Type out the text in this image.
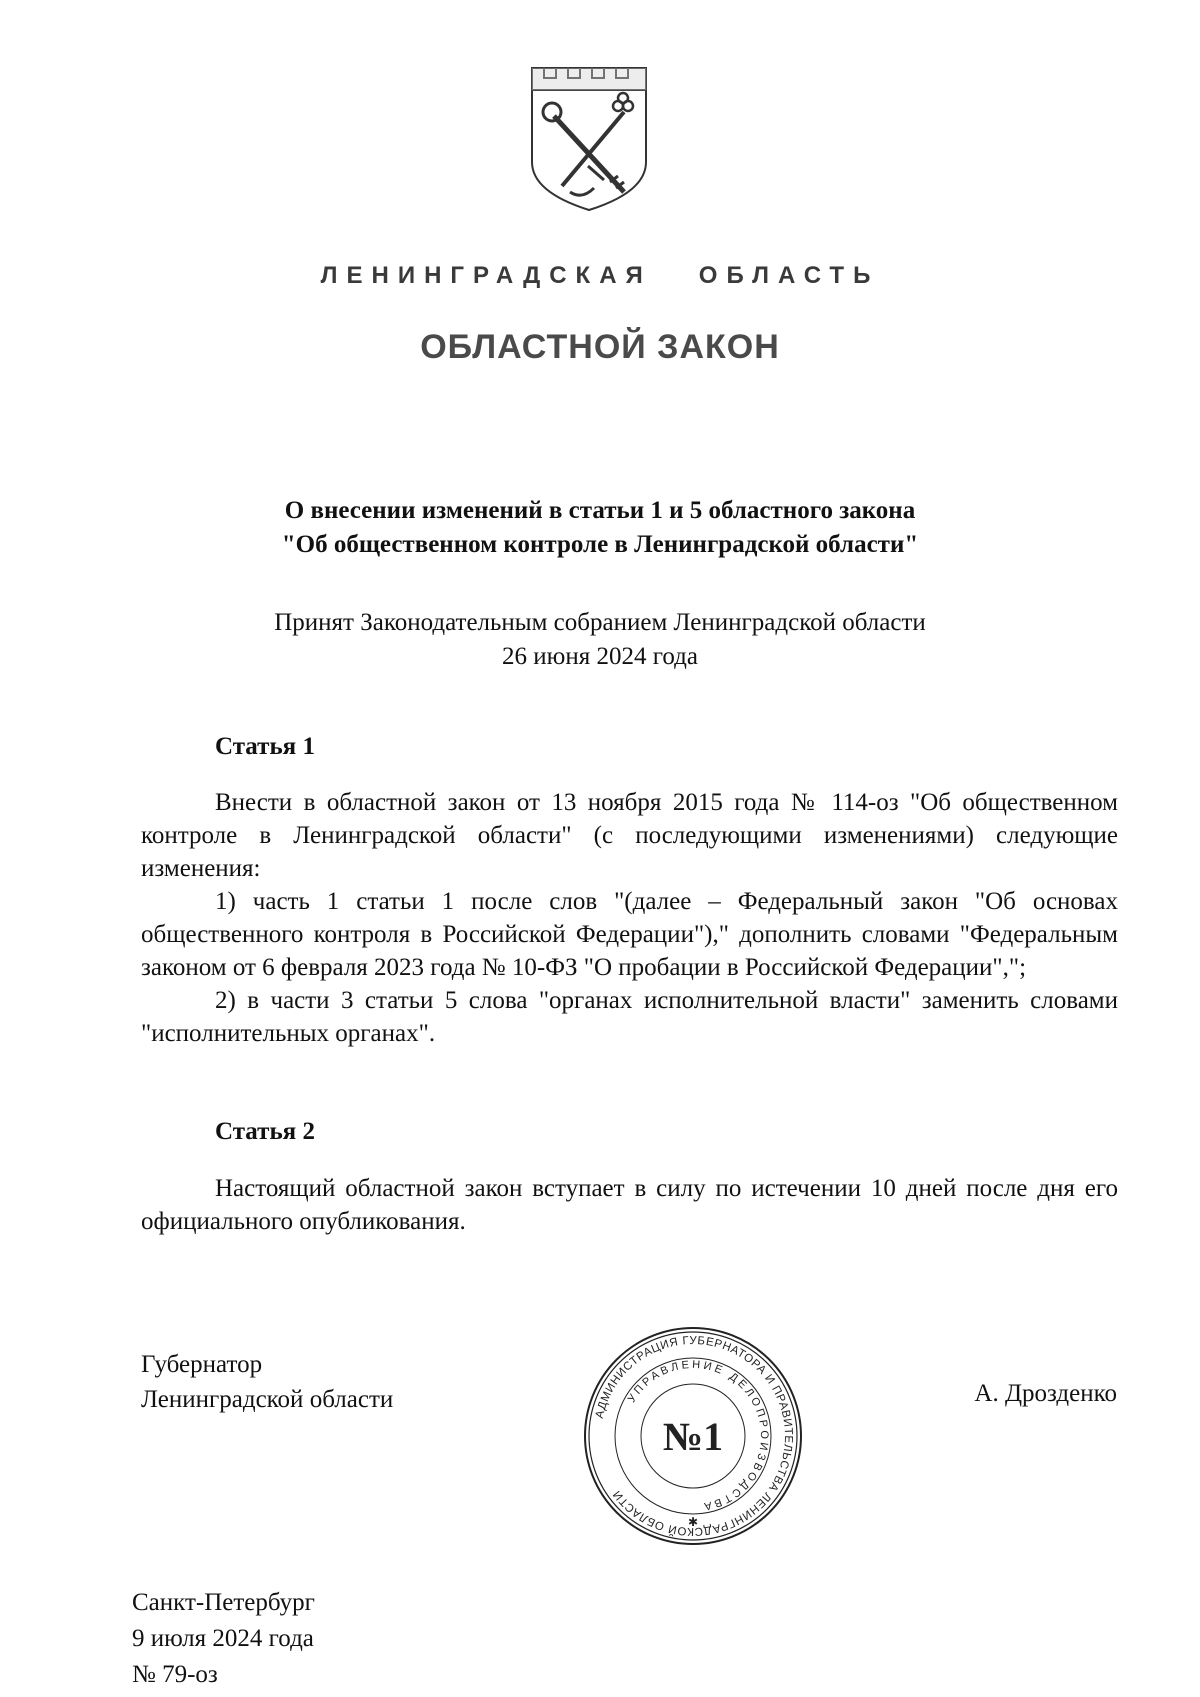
ЛЕНИНГРАДСКАЯ   ОБЛАСТЬ
ОБЛАСТНОЙ ЗАКОН
О внесении изменений в статьи 1 и 5 областного закона
"Об общественном контроле в Ленинградской области"
Принят Законодательным собранием Ленинградской области
26 июня 2024 года
Статья 1

Внести в областной закон от 13 ноября 2015 года № 114-оз "Об общественном контроле в Ленинградской области" (с последующими изменениями) следующие изменения:

1) часть 1 статьи 1 после слов "(далее – Федеральный закон "Об основах общественного контроля в Российской Федерации")," дополнить словами "Федеральным законом от 6 февраля 2023 года № 10-ФЗ "О пробации в Российской Федерации",";

2) в части 3 статьи 5 слова "органах исполнительной власти" заменить словами "исполнительных органах".

Статья 2

Настоящий областной закон вступает в силу по истечении 10 дней после дня его официального опубликования.

Губернатор
Ленинградской области	А. Дрозденко
АДМИНИСТРАЦИЯ ГУБЕРНАТОРА И ПРАВИТЕЛЬСТВА ЛЕНИНГРАДСКОЙ ОБЛАСТИ
УПРАВЛЕНИЕ ДЕЛОПРОИЗВОДСТВА
№1
✱
Санкт-Петербург
9 июля 2024 года
№ 79-оз
